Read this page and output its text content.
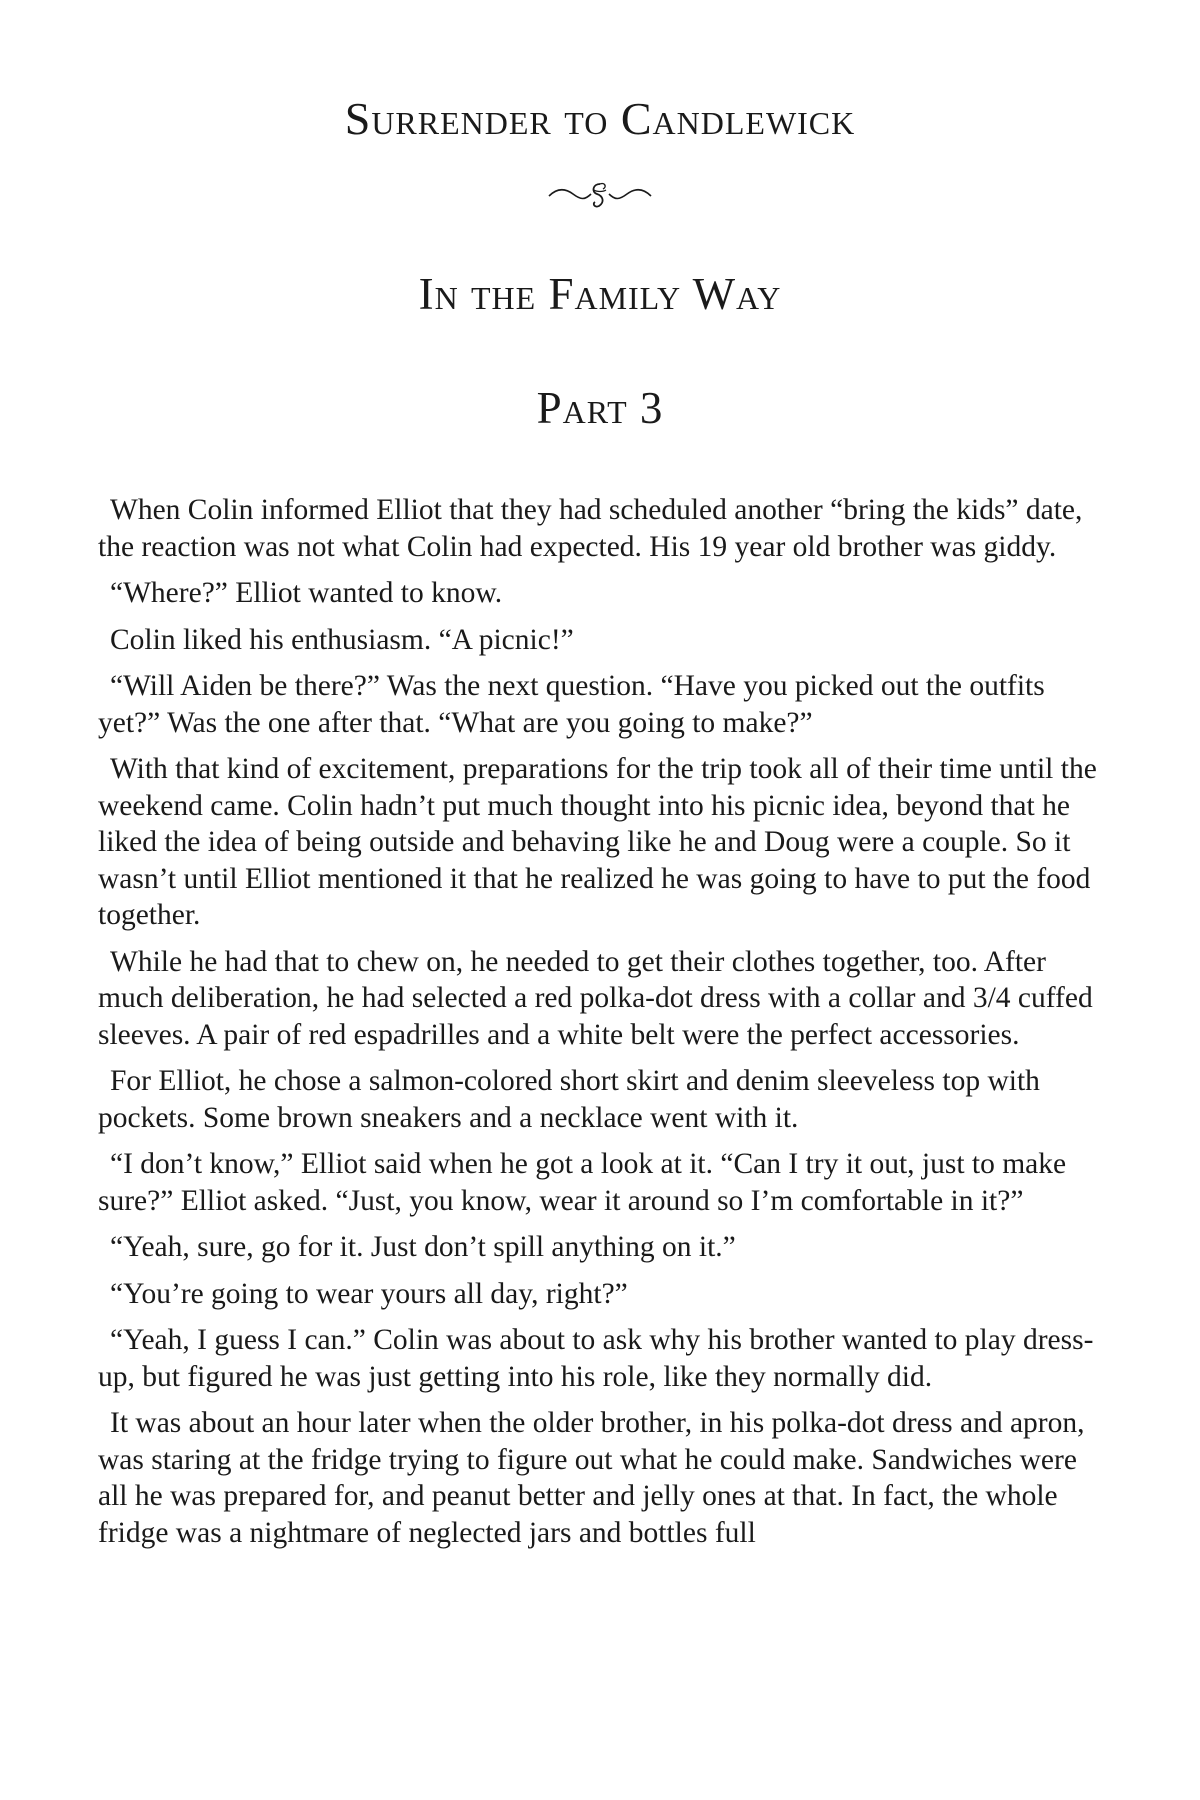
Surrender to Candlewick
In the Family Way
Part 3

When Colin informed Elliot that they had scheduled another “bring the kids” date, the reaction was not what Colin had expected. His 19 year old brother was giddy.

“Where?” Elliot wanted to know.

Colin liked his enthusiasm. “A picnic!”

“Will Aiden be there?” Was the next question. “Have you picked out the outfits yet?” Was the one after that. “What are you going to make?”

With that kind of excitement, preparations for the trip took all of their time until the weekend came. Colin hadn’t put much thought into his picnic idea, beyond that he liked the idea of being outside and behaving like he and Doug were a couple. So it wasn’t until Elliot mentioned it that he realized he was going to have to put the food together.

While he had that to chew on, he needed to get their clothes together, too. After much deliberation, he had selected a red polka-dot dress with a collar and 3/4 cuffed sleeves. A pair of red espadrilles and a white belt were the perfect accessories.

For Elliot, he chose a salmon-colored short skirt and denim sleeveless top with pockets. Some brown sneakers and a necklace went with it.

“I don’t know,” Elliot said when he got a look at it. “Can I try it out, just to make sure?” Elliot asked. “Just, you know, wear it around so I’m comfortable in it?”

“Yeah, sure, go for it. Just don’t spill anything on it.”

“You’re going to wear yours all day, right?”

“Yeah, I guess I can.” Colin was about to ask why his brother wanted to play dress-up, but figured he was just getting into his role, like they normally did.

It was about an hour later when the older brother, in his polka-dot dress and apron, was staring at the fridge trying to figure out what he could make. Sandwiches were all he was prepared for, and peanut better and jelly ones at that. In fact, the whole fridge was a nightmare of neglected jars and bottles full
